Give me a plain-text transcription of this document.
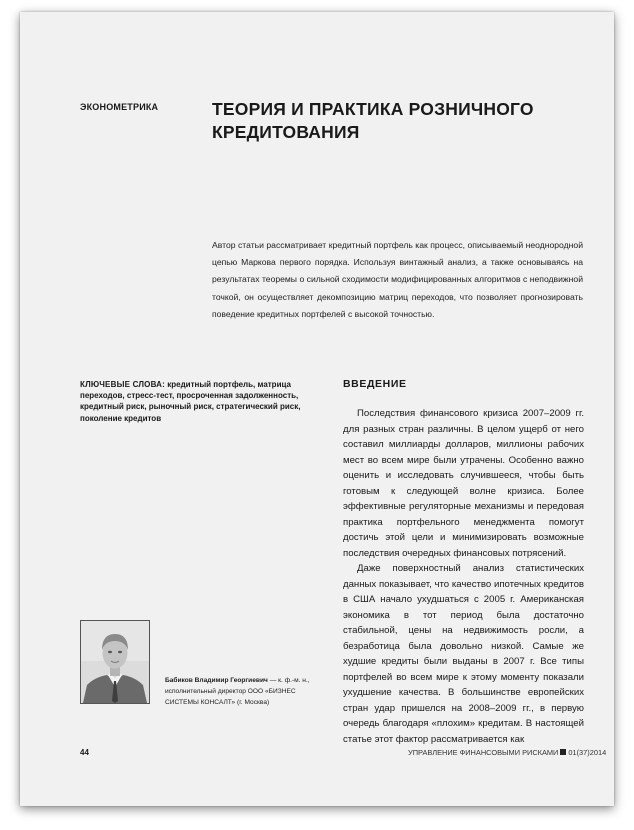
ЭКОНОМЕТРИКА	ТЕОРИЯ И ПРАКТИКА РОЗНИЧНОГО КРЕДИТОВАНИЯ
Автор статьи рассматривает кредитный портфель как процесс, описываемый неоднородной цепью Маркова первого порядка. Используя винтажный анализ, а также основываясь на результатах теоремы о сильной сходимости модифицированных алгоритмов с неподвижной точкой, он осуществляет декомпозицию матриц переходов, что позволяет прогнозировать поведение кредитных портфелей с высокой точностью.
КЛЮЧЕВЫЕ СЛОВА: кредитный портфель, матрица переходов, стресс-тест, просроченная задолженность, кредитный риск, рыночный риск, стратегический риск, поколение кредитов
Бабиков Владимир Георгиевич — к. ф.-м. н., исполнительный директор ООО «БИЗНЕС СИСТЕМЫ КОНСАЛТ» (г. Москва)
ВВЕДЕНИЕ

Последствия финансового кризиса 2007–2009 гг. для разных стран различны. В целом ущерб от него составил миллиарды долларов, миллионы рабочих мест во всем мире были утрачены. Особенно важно оценить и исследовать случившееся, чтобы быть готовым к следующей волне кризиса. Более эффективные регуляторные механизмы и передовая практика портфельного менеджмента помогут достичь этой цели и минимизировать возможные последствия очередных финансовых потрясений.

Даже поверхностный анализ статистических данных показывает, что качество ипотечных кредитов в США начало ухудшаться с 2005 г. Американская экономика в тот период была достаточно стабильной, цены на недвижимость росли, а безработица была довольно низкой. Самые же худшие кредиты были выданы в 2007 г. Все типы портфелей во всем мире к этому моменту показали ухудшение качества. В большинстве европейских стран удар пришелся на 2008–2009 гг., в первую очередь благодаря «плохим» кредитам. В настоящей статье этот фактор рассматривается как

44	УПРАВЛЕНИЕ ФИНАНСОВЫМИ РИСКАМИ 01(37)2014
